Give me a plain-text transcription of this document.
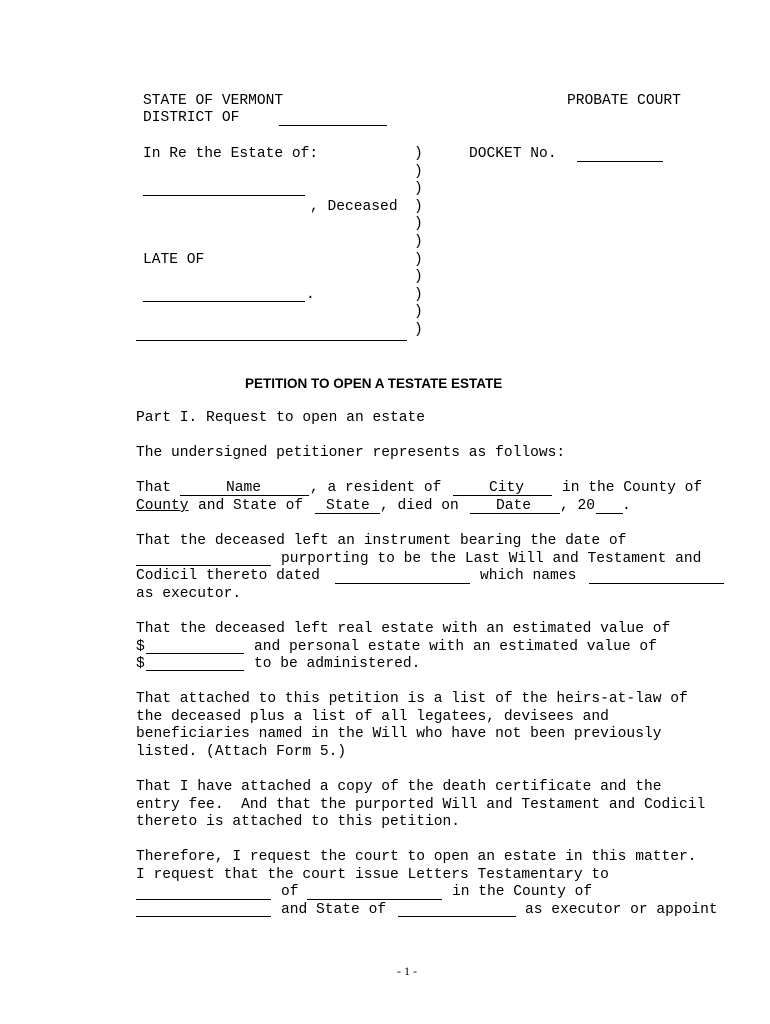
STATE OF VERMONT	PROBATE COURT
DISTRICT OF
In Re the Estate of:	DOCKET No.
, Deceased
LATE OF
.
)
)
)
)
)
)
)
)
)
)
)
PETITION TO OPEN A TESTATE ESTATE
Part I. Request to open an estate
The undersigned petitioner represents as follows:
That	Name	, a resident of	City	in the County of
County and State of State , died on	Date , 20 .
That the deceased left an instrument bearing the date of
purporting to be the Last Will and Testament and
Codicil thereto dated	which names
as executor.
That the deceased left real estate with an estimated value of
$	and personal estate with an estimated value of
$	to be administered.
That attached to this petition is a list of the heirs-at-law of
the deceased plus a list of all legatees, devisees and
beneficiaries named in the Will who have not been previously
listed. (Attach Form 5.)
That I have attached a copy of the death certificate and the
entry fee.  And that the purported Will and Testament and Codicil
thereto is attached to this petition.
Therefore, I request the court to open an estate in this matter.
I request that the court issue Letters Testamentary to
of	in the County of
and State of	as executor or appoint
- 1 -
